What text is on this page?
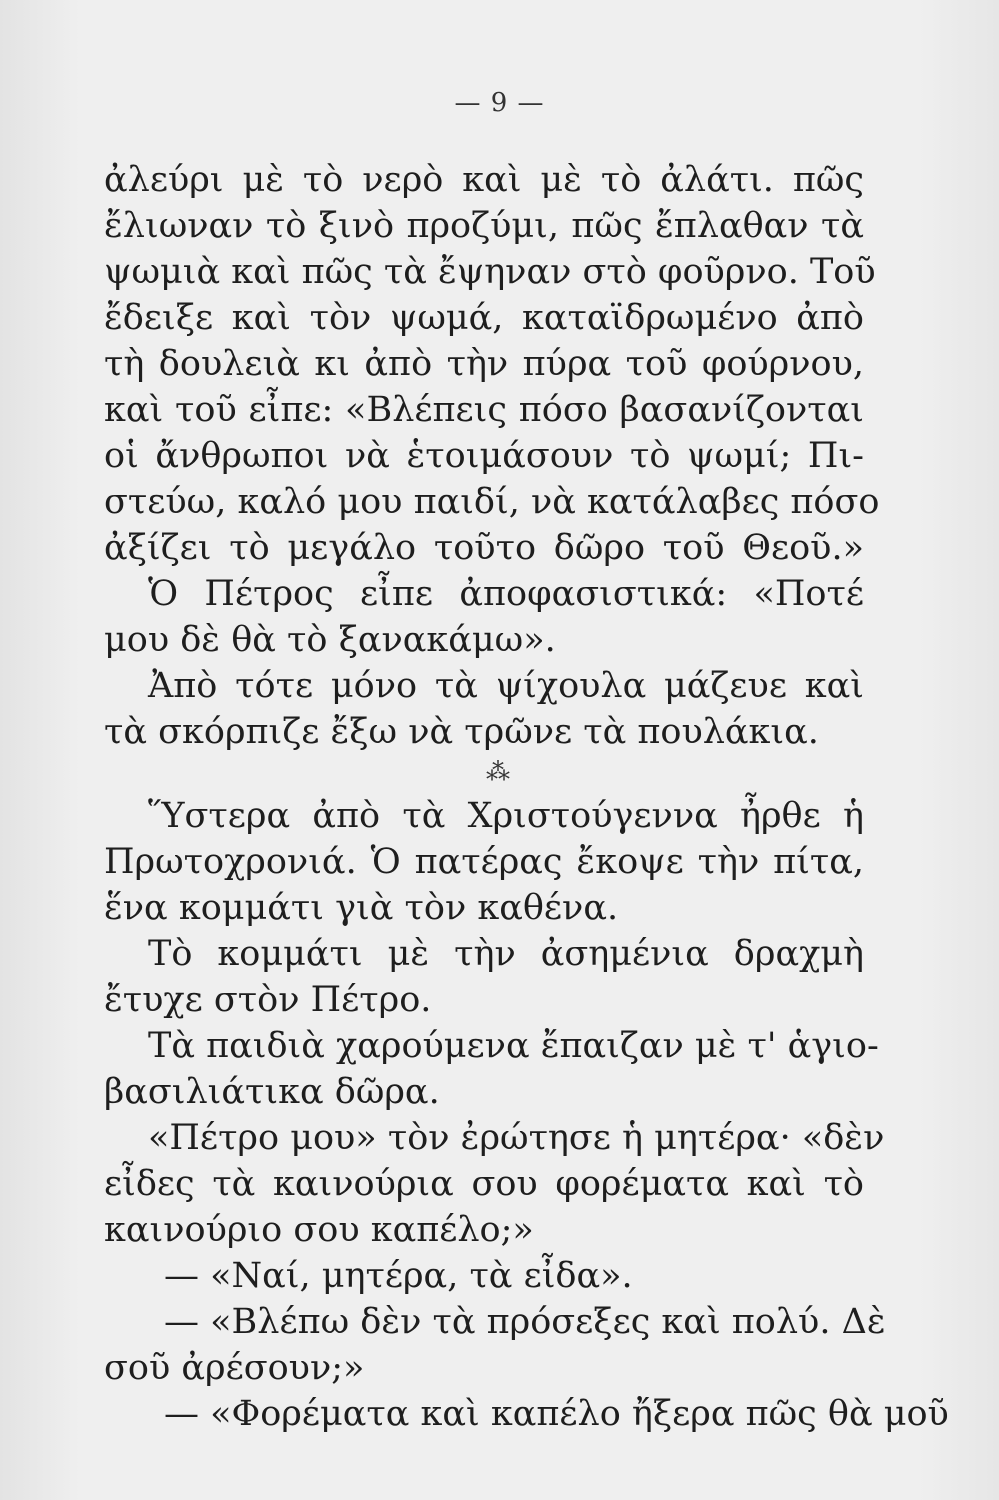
— 9 —
ἀλεύρι μὲ τὸ νερὸ καὶ μὲ τὸ ἀλάτι. πῶς
ἔλιωναν τὸ ξινὸ προζύμι, πῶς ἔπλαθαν τὰ
ψωμιὰ καὶ πῶς τὰ ἔψηναν στὸ φοῦρνο. Τοῦ
ἔδειξε καὶ τὸν ψωμά, καταϊδρωμένο ἀπὸ
τὴ δουλειὰ κι ἀπὸ τὴν πύρα τοῦ φούρνου,
καὶ τοῦ εἶπε: «Βλέπεις πόσο βασανίζονται
οἱ ἄνθρωποι νὰ ἑτοιμάσουν τὸ ψωμί; Πι-
στεύω, καλό μου παιδί, νὰ κατάλαβες πόσο
ἀξίζει τὸ μεγάλο τοῦτο δῶρο τοῦ Θεοῦ.»
Ὁ Πέτρος εἶπε ἀποφασιστικά: «Ποτέ
μου δὲ θὰ τὸ ξανακάμω».
Ἀπὸ τότε μόνο τὰ ψίχουλα μάζευε καὶ
τὰ σκόρπιζε ἔξω νὰ τρῶνε τὰ πουλάκια.
⁂
Ὕστερα ἀπὸ τὰ Χριστούγεννα ἦρθε ἡ
Πρωτοχρονιά. Ὁ πατέρας ἔκοψε τὴν πίτα,
ἕνα κομμάτι γιὰ τὸν καθένα.
Τὸ κομμάτι μὲ τὴν ἀσημένια δραχμὴ
ἔτυχε στὸν Πέτρο.
Τὰ παιδιὰ χαρούμενα ἔπαιζαν μὲ τ' ἁγιο-
βασιλιάτικα δῶρα.
«Πέτρο μου» τὸν ἐρώτησε ἡ μητέρα· «δὲν
εἶδες τὰ καινούρια σου φορέματα καὶ τὸ
καινούριο σου καπέλο;»
— «Ναί, μητέρα, τὰ εἶδα».
— «Βλέπω δὲν τὰ πρόσεξες καὶ πολύ. Δὲ
σοῦ ἀρέσουν;»
— «Φορέματα καὶ καπέλο ἤξερα πῶς θὰ μοῦ
